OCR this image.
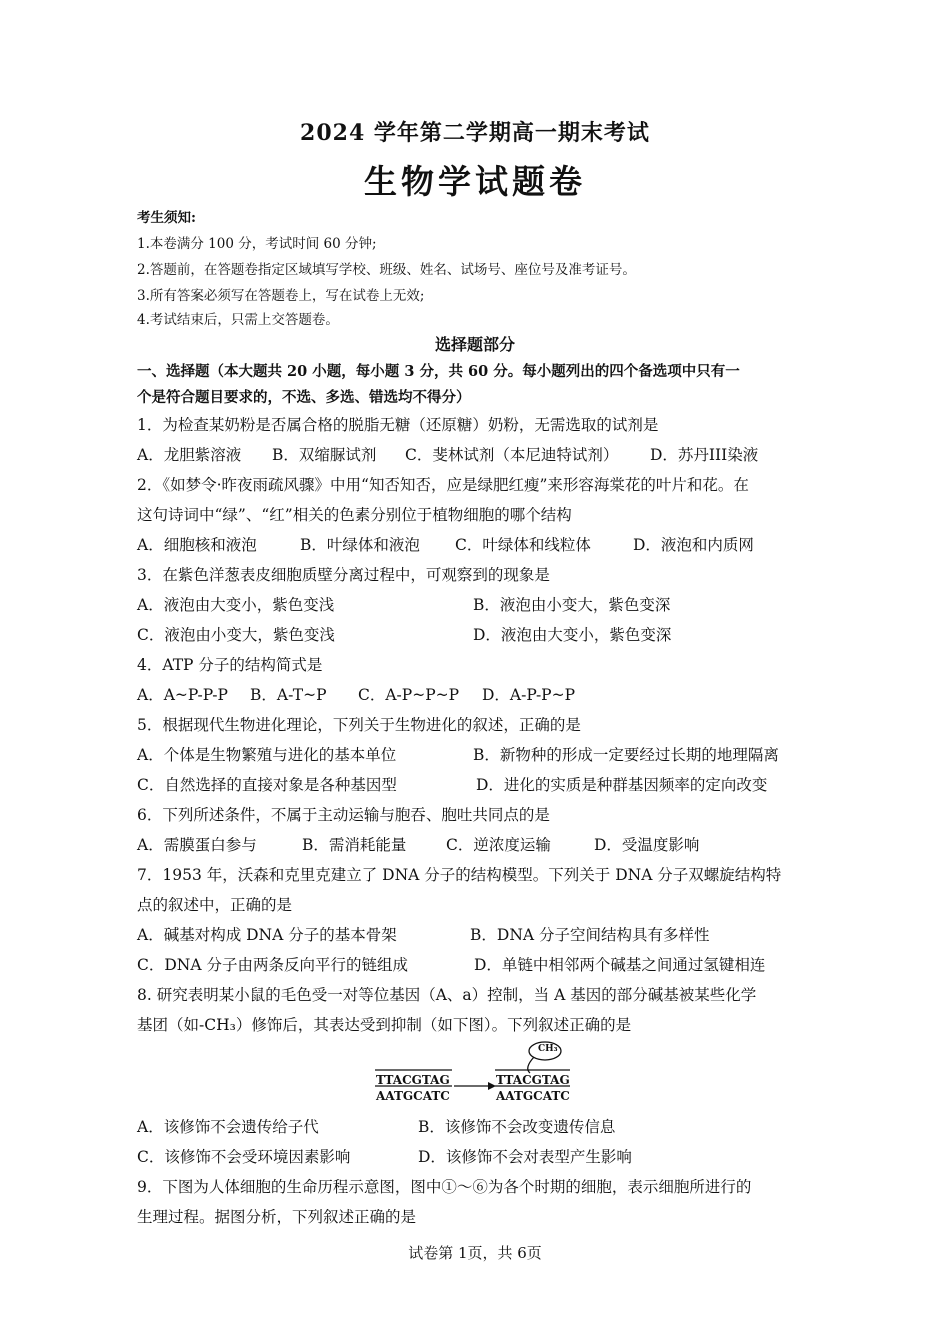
2024 学年第二学期高一期末考试
生物学试题卷
考生须知:
1.本卷满分 100 分，考试时间 60 分钟;
2.答题前，在答题卷指定区域填写学校、班级、姓名、试场号、座位号及准考证号。
3.所有答案必须写在答题卷上，写在试卷上无效;
4.考试结束后，只需上交答题卷。
选择题部分
一、选择题（本大题共 20 小题，每小题 3 分，共 60 分。每小题列出的四个备选项中只有一
个是符合题目要求的，不选、多选、错选均不得分）
1．为检查某奶粉是否属合格的脱脂无糖（还原糖）奶粉，无需选取的试剂是
A．龙胆紫溶液 B．双缩脲试剂 C．斐林试剂（本尼迪特试剂） D．苏丹III染液
2．《如梦令·昨夜雨疏风骤》中用“知否知否，应是绿肥红瘦”来形容海棠花的叶片和花。在
这句诗词中“绿”、“红”相关的色素分别位于植物细胞的哪个结构
A．细胞核和液泡	B．叶绿体和液泡 C．叶绿体和线粒体	D．液泡和内质网
3．在紫色洋葱表皮细胞质壁分离过程中，可观察到的现象是
A．液泡由大变小，紫色变浅	B．液泡由小变大，紫色变深
C．液泡由小变大，紫色变浅	D．液泡由大变小，紫色变深
4．ATP 分子的结构简式是
A．A~P-P-P B．A-T~P C．A-P~P~P D．A-P-P~P
5．根据现代生物进化理论，下列关于生物进化的叙述，正确的是
A．个体是生物繁殖与进化的基本单位	B．新物种的形成一定要经过长期的地理隔离
C．自然选择的直接对象是各种基因型	D．进化的实质是种群基因频率的定向改变
6．下列所述条件，不属于主动运输与胞吞、胞吐共同点的是
A．需膜蛋白参与	B．需消耗能量	C．逆浓度运输	D．受温度影响
7．1953 年，沃森和克里克建立了 DNA 分子的结构模型。下列关于 DNA 分子双螺旋结构特
点的叙述中，正确的是
A．碱基对构成 DNA 分子的基本骨架	B．DNA 分子空间结构具有多样性
C．DNA 分子由两条反向平行的链组成	D．单链中相邻两个碱基之间通过氢键相连
8. 研究表明某小鼠的毛色受一对等位基因（A、a）控制，当 A 基因的部分碱基被某些化学
基团（如-CH₃）修饰后，其表达受到抑制（如下图）。下列叙述正确的是
CH₃
TTACGTAG
AATGCATC
TTACGTAG
AATGCATC
A．该修饰不会遗传给子代	B．该修饰不会改变遗传信息
C．该修饰不会受环境因素影响	D．该修饰不会对表型产生影响
9．下图为人体细胞的生命历程示意图，图中①～⑥为各个时期的细胞，表示细胞所进行的
生理过程。据图分析，下列叙述正确的是
试卷第 1页，共 6页
